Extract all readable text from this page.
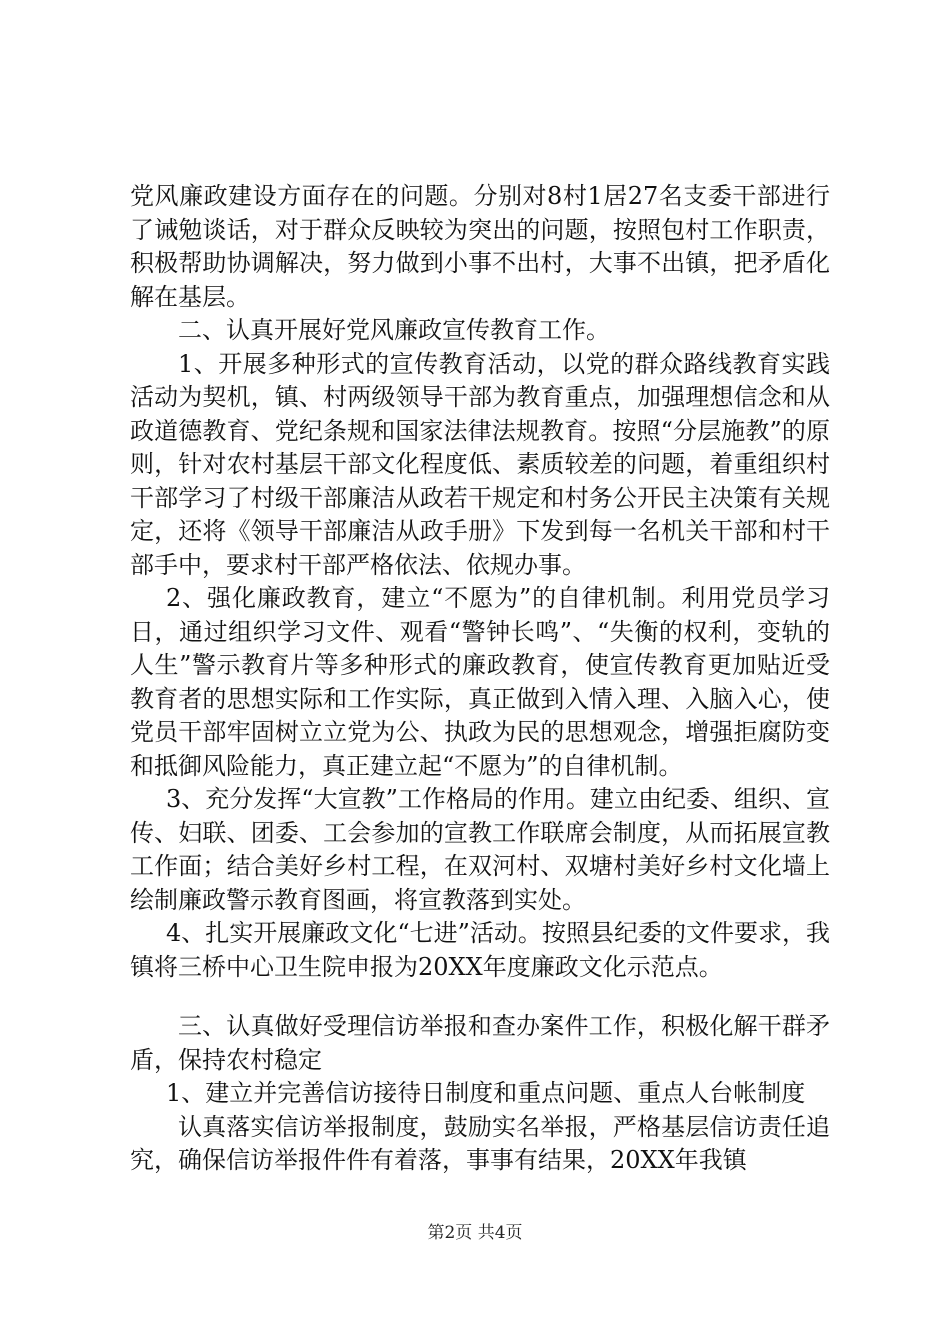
党风廉政建设方面存在的问题。分别对8村1居27名支委干部进行了诫勉谈话，对于群众反映较为突出的问题，按照包村工作职责，积极帮助协调解决，努力做到小事不出村，大事不出镇，把矛盾化解在基层。

二、认真开展好党风廉政宣传教育工作。

1、开展多种形式的宣传教育活动，以党的群众路线教育实践活动为契机，镇、村两级领导干部为教育重点，加强理想信念和从政道德教育、党纪条规和国家法律法规教育。按照“分层施教”的原则，针对农村基层干部文化程度低、素质较差的问题，着重组织村干部学习了村级干部廉洁从政若干规定和村务公开民主决策有关规定，还将《领导干部廉洁从政手册》下发到每一名机关干部和村干部手中，要求村干部严格依法、依规办事。

2、强化廉政教育，建立“不愿为”的自律机制。利用党员学习日，通过组织学习文件、观看“警钟长鸣”、“失衡的权利，变轨的人生”警示教育片等多种形式的廉政教育，使宣传教育更加贴近受教育者的思想实际和工作实际，真正做到入情入理、入脑入心，使党员干部牢固树立立党为公、执政为民的思想观念，增强拒腐防变和抵御风险能力，真正建立起“不愿为”的自律机制。

3、充分发挥“大宣教”工作格局的作用。建立由纪委、组织、宣传、妇联、团委、工会参加的宣教工作联席会制度，从而拓展宣教工作面；结合美好乡村工程，在双河村、双塘村美好乡村文化墙上绘制廉政警示教育图画，将宣教落到实处。

4、扎实开展廉政文化“七进”活动。按照县纪委的文件要求，我镇将三桥中心卫生院申报为20XX年度廉政文化示范点。

三、认真做好受理信访举报和查办案件工作，积极化解干群矛盾，保持农村稳定

1、建立并完善信访接待日制度和重点问题、重点人台帐制度

认真落实信访举报制度，鼓励实名举报，严格基层信访责任追究，确保信访举报件件有着落，事事有结果，20XX年我镇

第2页 共4页
